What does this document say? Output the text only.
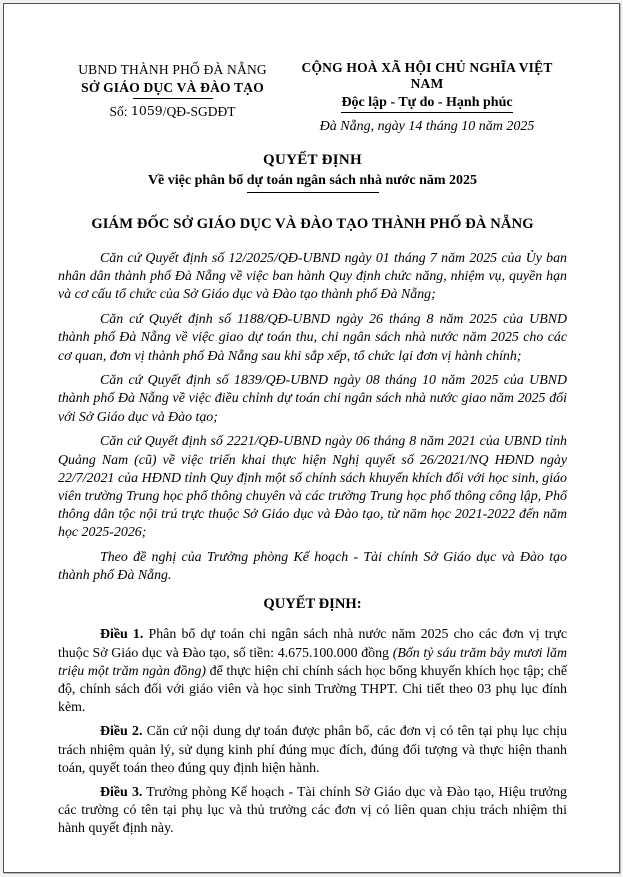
UBND THÀNH PHỐ ĐÀ NẴNG
SỞ GIÁO DỤC VÀ ĐÀO TẠO
Số: 1059/QĐ-SGDĐT
CỘNG HOÀ XÃ HỘI CHỦ NGHĨA VIỆT NAM
Độc lập - Tự do - Hạnh phúc
Đà Nẵng, ngày 14 tháng 10 năm 2025
QUYẾT ĐỊNH
Về việc phân bổ dự toán ngân sách nhà nước năm 2025
GIÁM ĐỐC SỞ GIÁO DỤC VÀ ĐÀO TẠO THÀNH PHỐ ĐÀ NẴNG

Căn cứ Quyết định số 12/2025/QĐ-UBND ngày 01 tháng 7 năm 2025 của Ủy ban nhân dân thành phố Đà Nẵng về việc ban hành Quy định chức năng, nhiệm vụ, quyền hạn và cơ cấu tổ chức của Sở Giáo dục và Đào tạo thành phố Đà Nẵng;

Căn cứ Quyết định số 1188/QĐ-UBND ngày 26 tháng 8 năm 2025 của UBND thành phố Đà Nẵng về việc giao dự toán thu, chi ngân sách nhà nước năm 2025 cho các cơ quan, đơn vị thành phố Đà Nẵng sau khi sắp xếp, tổ chức lại đơn vị hành chính;

Căn cứ Quyết định số 1839/QĐ-UBND ngày 08 tháng 10 năm 2025 của UBND thành phố Đà Nẵng về việc điều chỉnh dự toán chi ngân sách nhà nước giao năm 2025 đối với Sở Giáo dục và Đào tạo;

Căn cứ Quyết định số 2221/QĐ-UBND ngày 06 tháng 8 năm 2021 của UBND tỉnh Quảng Nam (cũ) về việc triển khai thực hiện Nghị quyết số 26/2021/NQ HĐND ngày 22/7/2021 của HĐND tỉnh Quy định một số chính sách khuyến khích đối với học sinh, giáo viên trường Trung học phổ thông chuyên và các trường Trung học phổ thông công lập, Phổ thông dân tộc nội trú trực thuộc Sở Giáo dục và Đào tạo, từ năm học 2021-2022 đến năm học 2025-2026;

Theo đề nghị của Trưởng phòng Kế hoạch - Tài chính Sở Giáo dục và Đào tạo thành phố Đà Nẵng.

QUYẾT ĐỊNH:

Điều 1. Phân bổ dự toán chi ngân sách nhà nước năm 2025 cho các đơn vị trực thuộc Sở Giáo dục và Đào tạo, số tiền: 4.675.100.000 đồng (Bốn tỷ sáu trăm bảy mươi lăm triệu một trăm ngàn đồng) để thực hiện chi chính sách học bổng khuyến khích học tập; chế độ, chính sách đối với giáo viên và học sinh Trường THPT. Chi tiết theo 03 phụ lục đính kèm.

Điều 2. Căn cứ nội dung dự toán được phân bổ, các đơn vị có tên tại phụ lục chịu trách nhiệm quản lý, sử dụng kinh phí đúng mục đích, đúng đối tượng và thực hiện thanh toán, quyết toán theo đúng quy định hiện hành.

Điều 3. Trưởng phòng Kế hoạch - Tài chính Sở Giáo dục và Đào tạo, Hiệu trưởng các trường có tên tại phụ lục và thủ trưởng các đơn vị có liên quan chịu trách nhiệm thi hành quyết định này.
